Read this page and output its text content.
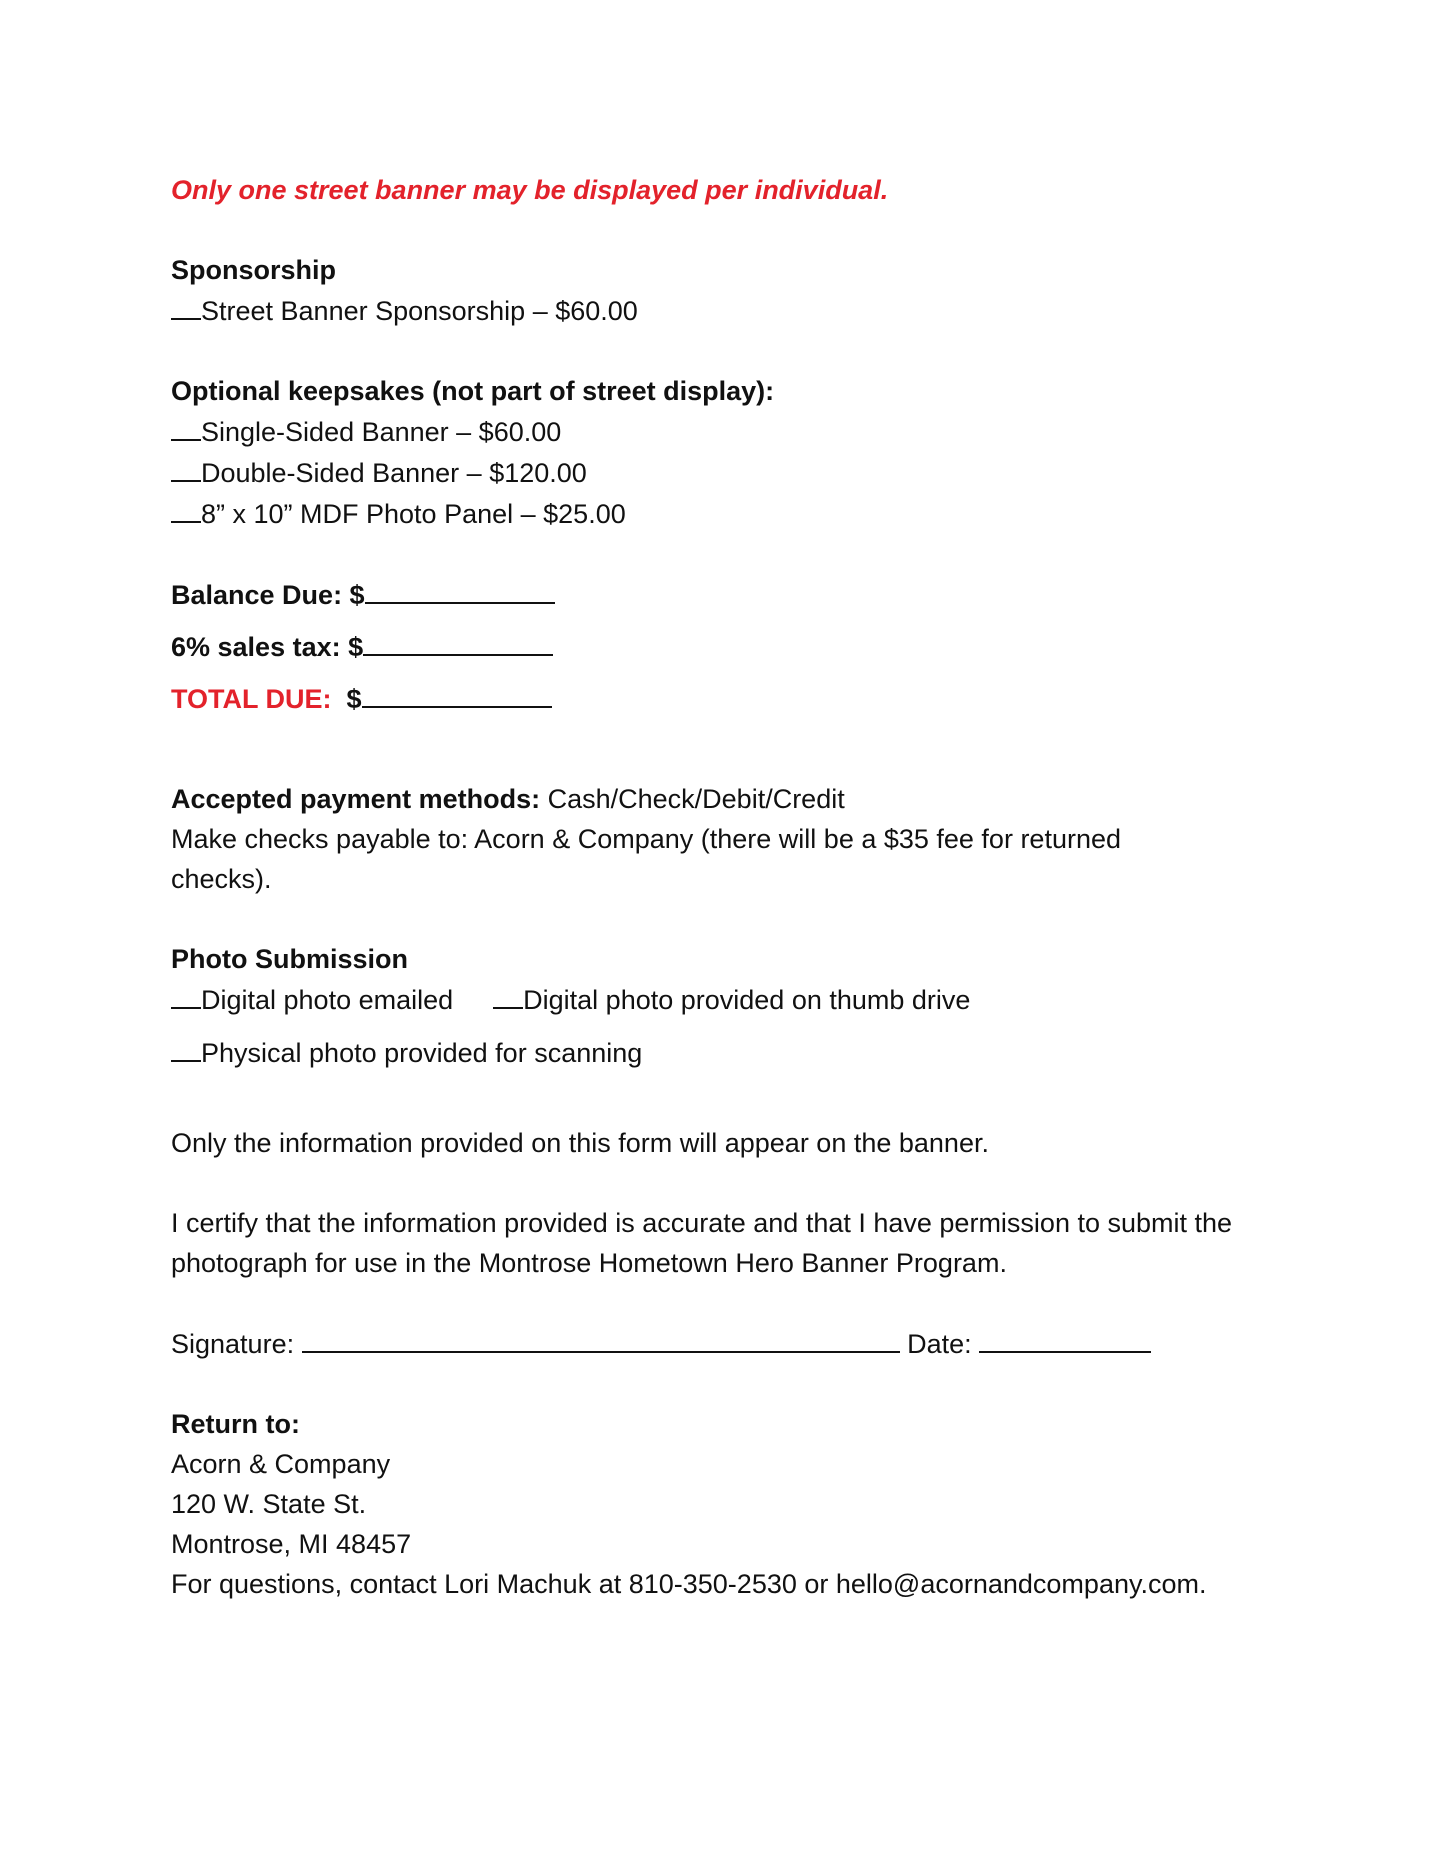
Only one street banner may be displayed per individual.

Sponsorship

Street Banner Sponsorship – $60.00

Optional keepsakes (not part of street display):

Single-Sided Banner – $60.00

Double-Sided Banner – $120.00

8” x 10” MDF Photo Panel – $25.00

Balance Due: $

6% sales tax: $

TOTAL DUE: $

Accepted payment methods: Cash/Check/Debit/Credit

Make checks payable to: Acorn & Company (there will be a $35 fee for returned checks).

Photo Submission

Digital photo emailed	Digital photo provided on thumb drive

Physical photo provided for scanning

Only the information provided on this form will appear on the banner.

I certify that the information provided is accurate and that I have permission to submit the photograph for use in the Montrose Hometown Hero Banner Program.

Signature:	Date:

Return to:

Acorn & Company

120 W. State St.

Montrose, MI 48457

For questions, contact Lori Machuk at 810-350-2530 or hello@acornandcompany.com.
